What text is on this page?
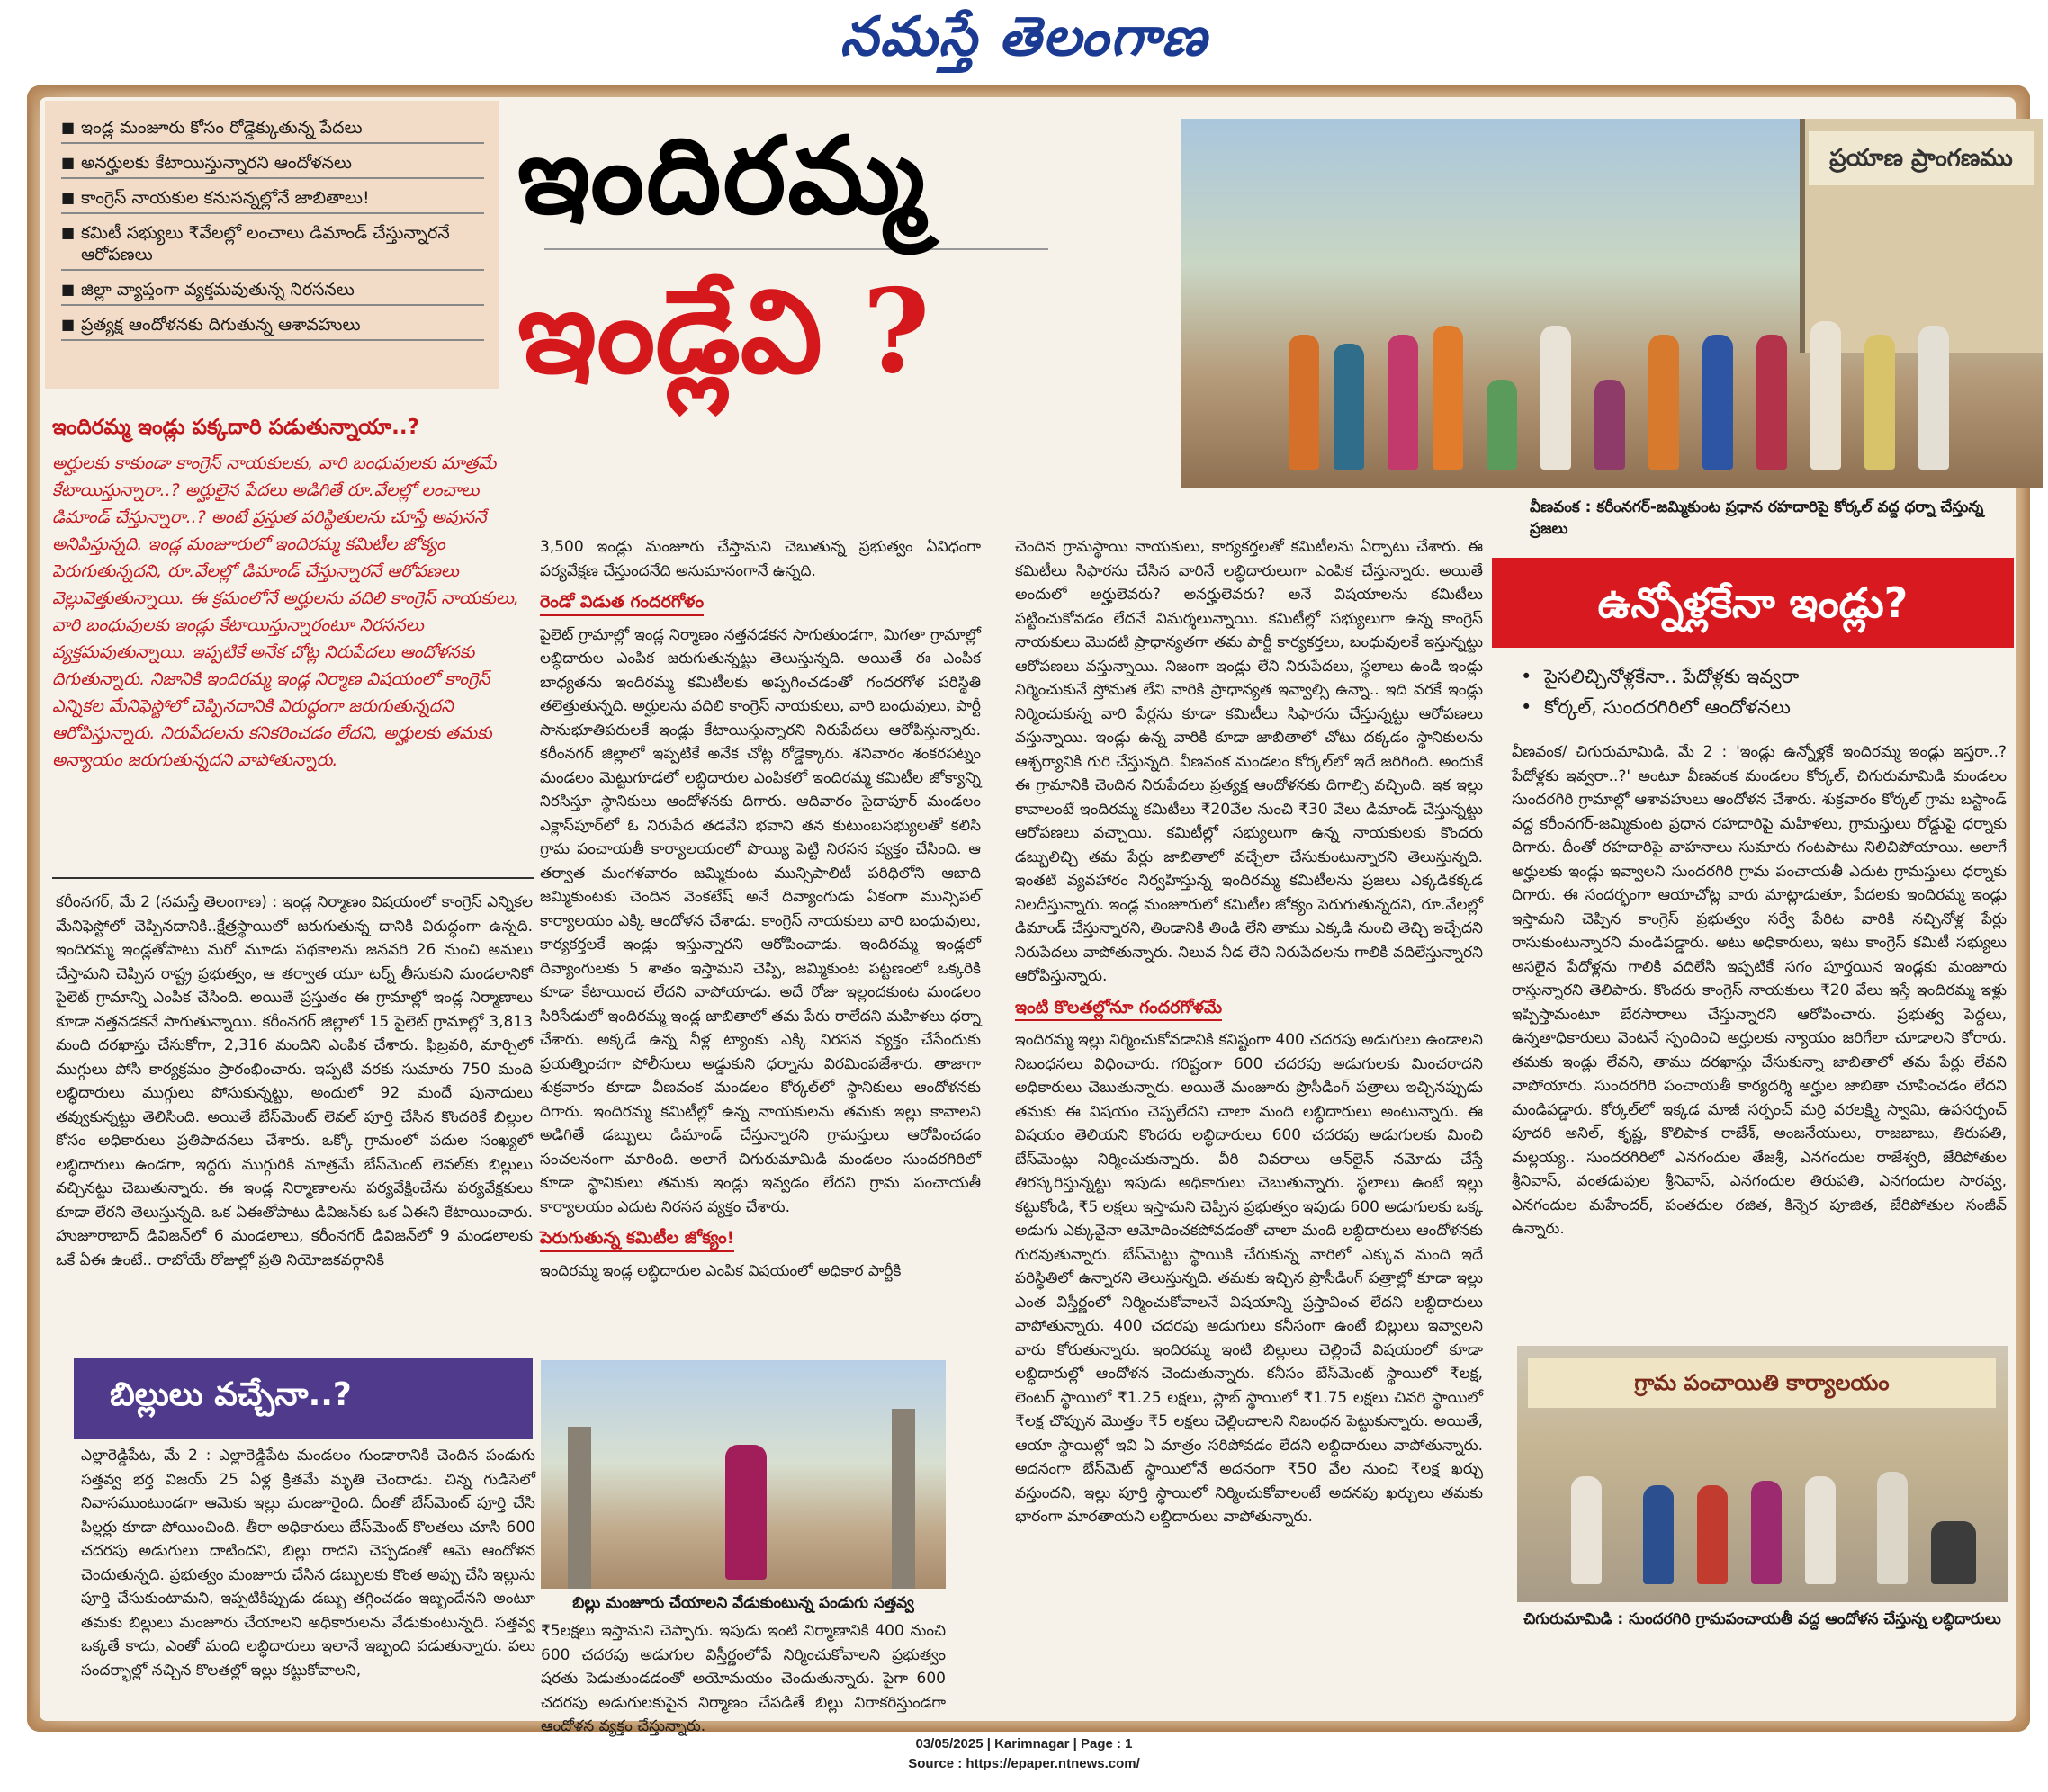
నమస్తే తెలంగాణ
■ ఇండ్ల మంజూరు కోసం రోడ్డెక్కుతున్న పేదలు
■ అనర్హులకు కేటాయిస్తున్నారని ఆందోళనలు
■ కాంగ్రెస్ నాయకుల కనుసన్నల్లోనే జాబితాలు!
■ కమిటీ సభ్యులు ₹వేలల్లో లంచాలు డిమాండ్ చేస్తున్నారనే ఆరోపణలు
■ జిల్లా వ్యాప్తంగా వ్యక్తమవుతున్న నిరసనలు
■ ప్రత్యక్ష ఆందోళనకు దిగుతున్న ఆశావహులు
ఇందిరమ్మ
ఇండ్లేవి ?
ప్రయాణ ప్రాంగణము
వీణవంక : కరీంనగర్-జమ్మికుంట ప్రధాన రహదారిపై కోర్కల్ వద్ద ధర్నా చేస్తున్న ప్రజలు
ఇందిరమ్మ ఇండ్లు పక్కదారి పడుతున్నాయా..?
అర్హులకు కాకుండా కాంగ్రెస్ నాయకులకు, వారి బంధువులకు మాత్రమే కేటాయిస్తున్నారా..? అర్హులైన పేదలు అడిగితే రూ.వేలల్లో లంచాలు డిమాండ్ చేస్తున్నారా..? అంటే ప్రస్తుత పరిస్థితులను చూస్తే అవుననే అనిపిస్తున్నది. ఇండ్ల మంజూరులో ఇందిరమ్మ కమిటీల జోక్యం పెరుగుతున్నదని, రూ.వేలల్లో డిమాండ్ చేస్తున్నారనే ఆరోపణలు వెల్లువెత్తుతున్నాయి. ఈ క్రమంలోనే అర్హులను వదిలి కాంగ్రెస్ నాయకులు, వారి బంధువులకు ఇండ్లు కేటాయిస్తున్నారంటూ నిరసనలు వ్యక్తమవుతున్నాయి. ఇప్పటికే అనేక చోట్ల నిరుపేదలు ఆందోళనకు దిగుతున్నారు. నిజానికి ఇందిరమ్మ ఇండ్ల నిర్మాణ విషయంలో కాంగ్రెస్ ఎన్నికల మేనిఫెస్టోలో చెప్పినదానికి విరుద్ధంగా జరుగుతున్నదని ఆరోపిస్తున్నారు. నిరుపేదలను కనికరించడం లేదని, అర్హులకు తమకు అన్యాయం జరుగుతున్నదని వాపోతున్నారు.
కరీంనగర్, మే 2 (నమస్తే తెలంగాణ) : ఇండ్ల నిర్మాణం విషయంలో కాంగ్రెస్ ఎన్నికల మేనిఫెస్టోలో చెప్పినదానికి..క్షేత్రస్థాయిలో జరుగుతున్న దానికి విరుద్ధంగా ఉన్నది. ఇందిరమ్మ ఇండ్లతోపాటు మరో మూడు పథకాలను జనవరి 26 నుంచి అమలు చేస్తామని చెప్పిన రాష్ట్ర ప్రభుత్వం, ఆ తర్వాత యూ టర్న్ తీసుకుని మండలానికో పైలెట్ గ్రామాన్ని ఎంపిక చేసింది. అయితే ప్రస్తుతం ఈ గ్రామాల్లో ఇండ్ల నిర్మాణాలు కూడా నత్తనడకనే సాగుతున్నాయి. కరీంనగర్ జిల్లాలో 15 పైలెట్ గ్రామాల్లో 3,813 మంది దరఖాస్తు చేసుకోగా, 2,316 మందిని ఎంపిక చేశారు. ఫిబ్రవరి, మార్చిలో ముగ్గులు పోసి కార్యక్రమం ప్రారంభించారు. ఇప్పటి వరకు సుమారు 750 మంది లబ్ధిదారులు ముగ్గులు పోసుకున్నట్టు, అందులో 92 మందే పునాదులు తవ్వుకున్నట్టు తెలిసింది. అయితే బేస్‌మెంట్ లెవల్ పూర్తి చేసిన కొందరికే బిల్లుల కోసం అధికారులు ప్రతిపాదనలు చేశారు. ఒక్కో గ్రామంలో పదుల సంఖ్యలో లబ్ధిదారులు ఉండగా, ఇద్దరు ముగ్గురికి మాత్రమే బేస్‌మెంట్ లెవల్‌కు బిల్లులు వచ్చినట్టు చెబుతున్నారు. ఈ ఇండ్ల నిర్మాణాలను పర్యవేక్షించేను పర్యవేక్షకులు కూడా లేరని తెలుస్తున్నది. ఒక ఏఈతోపాటు డివిజన్‌కు ఒక ఏఈని కేటాయించారు. హుజూరాబాద్ డివిజన్‌లో 6 మండలాలు, కరీంనగర్ డివిజన్‌లో 9 మండలాలకు ఒకే ఏఈ ఉంటే.. రాబోయే రోజుల్లో ప్రతి నియోజకవర్గానికి
3,500 ఇండ్లు మంజూరు చేస్తామని చెబుతున్న ప్రభుత్వం ఏవిధంగా పర్యవేక్షణ చేస్తుందనేది అనుమానంగానే ఉన్నది.
రెండో విడుత గందరగోళం
పైలెట్ గ్రామాల్లో ఇండ్ల నిర్మాణం నత్తనడకన సాగుతుండగా, మిగతా గ్రామాల్లో లబ్ధిదారుల ఎంపిక జరుగుతున్నట్టు తెలుస్తున్నది. అయితే ఈ ఎంపిక బాధ్యతను ఇందిరమ్మ కమిటీలకు అప్పగించడంతో గందరగోళ పరిస్థితి తలెత్తుతున్నది. అర్హులను వదిలి కాంగ్రెస్ నాయకులు, వారి బంధువులు, పార్టీ సానుభూతిపరులకే ఇండ్లు కేటాయిస్తున్నారని నిరుపేదలు ఆరోపిస్తున్నారు. కరీంనగర్ జిల్లాలో ఇప్పటికే అనేక చోట్ల రోడ్డెక్కారు. శనివారం శంకరపట్నం మండలం మెట్టుగూడలో లబ్ధిదారుల ఎంపికలో ఇందిరమ్మ కమిటీల జోక్యాన్ని నిరసిస్తూ స్థానికులు ఆందోళనకు దిగారు. ఆదివారం సైదాపూర్ మండలం ఎక్లాస్‌పూర్‌లో ఓ నిరుపేద తడవేని భవాని తన కుటుంబసభ్యులతో కలిసి గ్రామ పంచాయతీ కార్యాలయంలో పొయ్యి పెట్టి నిరసన వ్యక్తం చేసింది. ఆ తర్వాత మంగళవారం జమ్మికుంట మున్సిపాలిటీ పరిధిలోని ఆబాది జమ్మికుంటకు చెందిన వెంకటేష్ అనే దివ్యాంగుడు ఏకంగా మున్సిపల్ కార్యాలయం ఎక్కి ఆందోళన చేశాడు. కాంగ్రెస్ నాయకులు వారి బంధువులు, కార్యకర్తలకే ఇండ్లు ఇస్తున్నారని ఆరోపించాడు. ఇందిరమ్మ ఇండ్లలో దివ్యాంగులకు 5 శాతం ఇస్తామని చెప్పి, జమ్మికుంట పట్టణంలో ఒక్కరికి కూడా కేటాయించ లేదని వాపోయాడు. అదే రోజు ఇల్లందకుంట మండలం సిరిసేడులో ఇందిరమ్మ ఇండ్ల జాబితాలో తమ పేరు రాలేదని మహిళలు ధర్నా చేశారు. అక్కడే ఉన్న నీళ్ల ట్యాంకు ఎక్కి నిరసన వ్యక్తం చేసేందుకు ప్రయత్నించగా పోలీసులు అడ్డుకుని ధర్నాను విరమింపజేశారు. తాజాగా శుక్రవారం కూడా వీణవంక మండలం కోర్కల్‌లో స్థానికులు ఆందోళనకు దిగారు. ఇందిరమ్మ కమిటీల్లో ఉన్న నాయకులను తమకు ఇల్లు కావాలని అడిగితే డబ్బులు డిమాండ్ చేస్తున్నారని గ్రామస్తులు ఆరోపించడం సంచలనంగా మారింది. అలాగే చిగురుమామిడి మండలం సుందరగిరిలో కూడా స్థానికులు తమకు ఇండ్లు ఇవ్వడం లేదని గ్రామ పంచాయతీ కార్యాలయం ఎదుట నిరసన వ్యక్తం చేశారు.
పెరుగుతున్న కమిటీల జోక్యం!
ఇందిరమ్మ ఇండ్ల లబ్ధిదారుల ఎంపిక విషయంలో అధికార పార్టీకి
చెందిన గ్రామస్థాయి నాయకులు, కార్యకర్తలతో కమిటీలను ఏర్పాటు చేశారు. ఈ కమిటీలు సిఫారసు చేసిన వారినే లబ్ధిదారులుగా ఎంపిక చేస్తున్నారు. అయితే అందులో అర్హులెవరు? అనర్హులెవరు? అనే విషయాలను కమిటీలు పట్టించుకోవడం లేదనే విమర్శలున్నాయి. కమిటీల్లో సభ్యులుగా ఉన్న కాంగ్రెస్ నాయకులు మొదటి ప్రాధాన్యతగా తమ పార్టీ కార్యకర్తలు, బంధువులకే ఇస్తున్నట్టు ఆరోపణలు వస్తున్నాయి. నిజంగా ఇండ్లు లేని నిరుపేదలు, స్థలాలు ఉండి ఇండ్లు నిర్మించుకునే స్తోమత లేని వారికి ప్రాధాన్యత ఇవ్వాల్సి ఉన్నా.. ఇది వరకే ఇండ్లు నిర్మించుకున్న వారి పేర్లను కూడా కమిటీలు సిఫారసు చేస్తున్నట్టు ఆరోపణలు వస్తున్నాయి. ఇండ్లు ఉన్న వారికి కూడా జాబితాలో చోటు దక్కడం స్థానికులను ఆశ్చర్యానికి గురి చేస్తున్నది. వీణవంక మండలం కోర్కల్‌లో ఇదే జరిగింది. అందుకే ఈ గ్రామానికి చెందిన నిరుపేదలు ప్రత్యక్ష ఆందోళనకు దిగాల్సి వచ్చింది. ఇక ఇల్లు కావాలంటే ఇందిరమ్మ కమిటీలు ₹20వేల నుంచి ₹30 వేలు డిమాండ్ చేస్తున్నట్టు ఆరోపణలు వచ్చాయి. కమిటీల్లో సభ్యులుగా ఉన్న నాయకులకు కొందరు డబ్బులిచ్చి తమ పేర్లు జాబితాలో వచ్చేలా చేసుకుంటున్నారని తెలుస్తున్నది. ఇంతటి వ్యవహారం నిర్వహిస్తున్న ఇందిరమ్మ కమిటీలను ప్రజలు ఎక్కడికక్కడ నిలదీస్తున్నారు. ఇండ్ల మంజూరులో కమిటీల జోక్యం పెరుగుతున్నదని, రూ.వేలల్లో డిమాండ్ చేస్తున్నారని, తిండానికి తిండి లేని తాము ఎక్కడి నుంచి తెచ్చి ఇచ్చేదని నిరుపేదలు వాపోతున్నారు. నిలువ నీడ లేని నిరుపేదలను గాలికి వదిలేస్తున్నారని ఆరోపిస్తున్నారు.
ఇంటి కొలతల్లోనూ గందరగోళమే
ఇందిరమ్మ ఇల్లు నిర్మించుకోవడానికి కనిష్టంగా 400 చదరపు అడుగులు ఉండాలని నిబంధనలు విధించారు. గరిష్టంగా 600 చదరపు అడుగులకు మించరాదని అధికారులు చెబుతున్నారు. అయితే మంజూరు ప్రొసీడింగ్ పత్రాలు ఇచ్చినప్పుడు తమకు ఈ విషయం చెప్పలేదని చాలా మంది లబ్ధిదారులు అంటున్నారు. ఈ విషయం తెలియని కొందరు లబ్ధిదారులు 600 చదరపు అడుగులకు మించి బేస్‌మెంట్లు నిర్మించుకున్నారు. వీరి వివరాలు ఆన్‌లైన్ నమోదు చేస్తే తిరస్కరిస్తున్నట్టు ఇపుడు అధికారులు చెబుతున్నారు. స్థలాలు ఉంటే ఇల్లు కట్టుకోండి, ₹5 లక్షలు ఇస్తామని చెప్పిన ప్రభుత్వం ఇపుడు 600 అడుగులకు ఒక్క అడుగు ఎక్కువైనా ఆమోదించకపోవడంతో చాలా మంది లబ్ధిదారులు ఆందోళనకు గురవుతున్నారు. బేస్‌మెట్టు స్థాయికి చేరుకున్న వారిలో ఎక్కువ మంది ఇదే పరిస్థితిలో ఉన్నారని తెలుస్తున్నది. తమకు ఇచ్చిన ప్రొసీడింగ్ పత్రాల్లో కూడా ఇల్లు ఎంత విస్తీర్ణంలో నిర్మించుకోవాలనే విషయాన్ని ప్రస్తావించ లేదని లబ్ధిదారులు వాపోతున్నారు. 400 చదరపు అడుగులు కనీసంగా ఉంటే బిల్లులు ఇవ్వాలని వారు కోరుతున్నారు. ఇందిరమ్మ ఇంటి బిల్లులు చెల్లించే విషయంలో కూడా లబ్ధిదారుల్లో ఆందోళన చెందుతున్నారు. కనీసం బేస్‌మెంట్ స్థాయిలో ₹లక్ష, లెంటర్ స్థాయిలో ₹1.25 లక్షలు, స్లాబ్ స్థాయిలో ₹1.75 లక్షలు చివరి స్థాయిలో ₹లక్ష చొప్పున మొత్తం ₹5 లక్షలు చెల్లించాలని నిబంధన పెట్టుకున్నారు. అయితే, ఆయా స్థాయిల్లో ఇవి ఏ మాత్రం సరిపోవడం లేదని లబ్ధిదారులు వాపోతున్నారు. అదనంగా బేస్‌మెట్ స్థాయిలోనే అదనంగా ₹50 వేల నుంచి ₹లక్ష ఖర్చు వస్తుందని, ఇల్లు పూర్తి స్థాయిలో నిర్మించుకోవాలంటే అదనపు ఖర్చులు తమకు భారంగా మారతాయని లబ్ధిదారులు వాపోతున్నారు.
బిల్లులు వచ్చేనా..?
ఎల్లారెడ్డిపేట, మే 2 : ఎల్లారెడ్డిపేట మండలం గుండారానికి చెందిన పండుగు సత్తవ్వ భర్త విజయ్ 25 ఏళ్ల క్రితమే మృతి చెందాడు. చిన్న గుడిసెలో నివాసముంటుండగా ఆమెకు ఇల్లు మంజూరైంది. దీంతో బేస్‌మెంట్ పూర్తి చేసి పిల్లర్లు కూడా పోయించింది. తీరా అధికారులు బేస్‌మెంట్ కొలతలు చూసి 600 చదరపు అడుగులు దాటిందని, బిల్లు రాదని చెప్పడంతో ఆమె ఆందోళన చెందుతున్నది. ప్రభుత్వం మంజూరు చేసిన డబ్బులకు కొంత అప్పు చేసి ఇల్లును పూర్తి చేసుకుంటామని, ఇప్పటికిప్పుడు డబ్బు తగ్గించడం ఇబ్బందేనని అంటూ తమకు బిల్లులు మంజూరు చేయాలని అధికారులను వేడుకుంటున్నది. సత్తవ్వ ఒక్కతే కాదు, ఎంతో మంది లబ్ధిదారులు ఇలానే ఇబ్బంది పడుతున్నారు. పలు సందర్భాల్లో నచ్చిన కొలతల్లో ఇల్లు కట్టుకోవాలని,
బిల్లు మంజూరు చేయాలని వేడుకుంటున్న పండుగు సత్తవ్వ
₹5లక్షలు ఇస్తామని చెప్పారు. ఇపుడు ఇంటి నిర్మాణానికి 400 నుంచి 600 చదరపు అడుగుల విస్తీర్ణంలోపే నిర్మించుకోవాలని ప్రభుత్వం షరతు పెడుతుండడంతో అయోమయం చెందుతున్నారు. పైగా 600 చదరపు అడుగులకుపైన నిర్మాణం చేపడితే బిల్లు నిరాకరిస్తుండగా ఆందోళన వ్యక్తం చేస్తున్నారు.
ఉన్నోళ్లకేనా ఇండ్లు?
• పైసలిచ్చినోళ్లకేనా.. పేదోళ్లకు ఇవ్వరా
• కోర్కల్, సుందరగిరిలో ఆందోళనలు
వీణవంక/ చిగురుమామిడి, మే 2 : 'ఇండ్లు ఉన్నోళ్లకే ఇందిరమ్మ ఇండ్లు ఇస్తరా..? పేదోళ్లకు ఇవ్వరా..?' అంటూ వీణవంక మండలం కోర్కల్, చిగురుమామిడి మండలం సుందరగిరి గ్రామాల్లో ఆశావహులు ఆందోళన చేశారు. శుక్రవారం కోర్కల్ గ్రామ బస్టాండ్ వద్ద కరీంనగర్-జమ్మికుంట ప్రధాన రహదారిపై మహిళలు, గ్రామస్తులు రోడ్డుపై ధర్నాకు దిగారు. దీంతో రహదారిపై వాహనాలు సుమారు గంటపాటు నిలిచిపోయాయి. అలాగే అర్హులకు ఇండ్లు ఇవ్వాలని సుందరగిరి గ్రామ పంచాయతీ ఎదుట గ్రామస్తులు ధర్నాకు దిగారు. ఈ సందర్భంగా ఆయాచోట్ల వారు మాట్లాడుతూ, పేదలకు ఇందిరమ్మ ఇండ్లు ఇస్తామని చెప్పిన కాంగ్రెస్ ప్రభుత్వం సర్వే పేరిట వారికి నచ్చినోళ్ల పేర్లు రాసుకుంటున్నారని మండిపడ్డారు. అటు అధికారులు, ఇటు కాంగ్రెస్ కమిటీ సభ్యులు అసలైన పేదోళ్లను గాలికి వదిలేసి ఇప్పటికే సగం పూర్తయిన ఇండ్లకు మంజూరు రాస్తున్నారని తెలిపారు. కొందరు కాంగ్రెస్ నాయకులు ₹20 వేలు ఇస్తే ఇందిరమ్మ ఇళ్లు ఇప్పిస్తామంటూ బేరసారాలు చేస్తున్నారని ఆరోపించారు. ప్రభుత్వ పెద్దలు, ఉన్నతాధికారులు వెంటనే స్పందించి అర్హులకు న్యాయం జరిగేలా చూడాలని కోరారు. తమకు ఇండ్లు లేవని, తాము దరఖాస్తు చేసుకున్నా జాబితాలో తమ పేర్లు లేవని వాపోయారు. సుందరగిరి పంచాయతీ కార్యదర్శి అర్హుల జాబితా చూపించడం లేదని మండిపడ్డారు. కోర్కల్‌లో ఇక్కడ మాజీ సర్పంచ్ మర్రి వరలక్ష్మి స్వామి, ఉపసర్పంచ్ పూదరి అనిల్, కృష్ణ, కొలిపాక రాజేశ్, అంజనేయులు, రాజబాబు, తిరుపతి, మల్లయ్య.. సుందరగిరిలో ఎనగందుల తేజశ్రీ, ఎనగందుల రాజేశ్వరి, జేరిపోతుల శ్రీనివాస్, వంతడుపుల శ్రీనివాస్, ఎనగందుల తిరుపతి, ఎనగందుల సారవ్వ, ఎనగందుల మహేందర్, పంతదుల రజిత, కిన్నెర పూజిత, జేరిపోతుల సంజీవ్ ఉన్నారు.
గ్రామ పంచాయితి కార్యాలయం
చిగురుమామిడి : సుందరగిరి గ్రామపంచాయతీ వద్ద ఆందోళన చేస్తున్న లబ్ధిదారులు
03/05/2025 | Karimnagar | Page : 1
Source : https://epaper.ntnews.com/
